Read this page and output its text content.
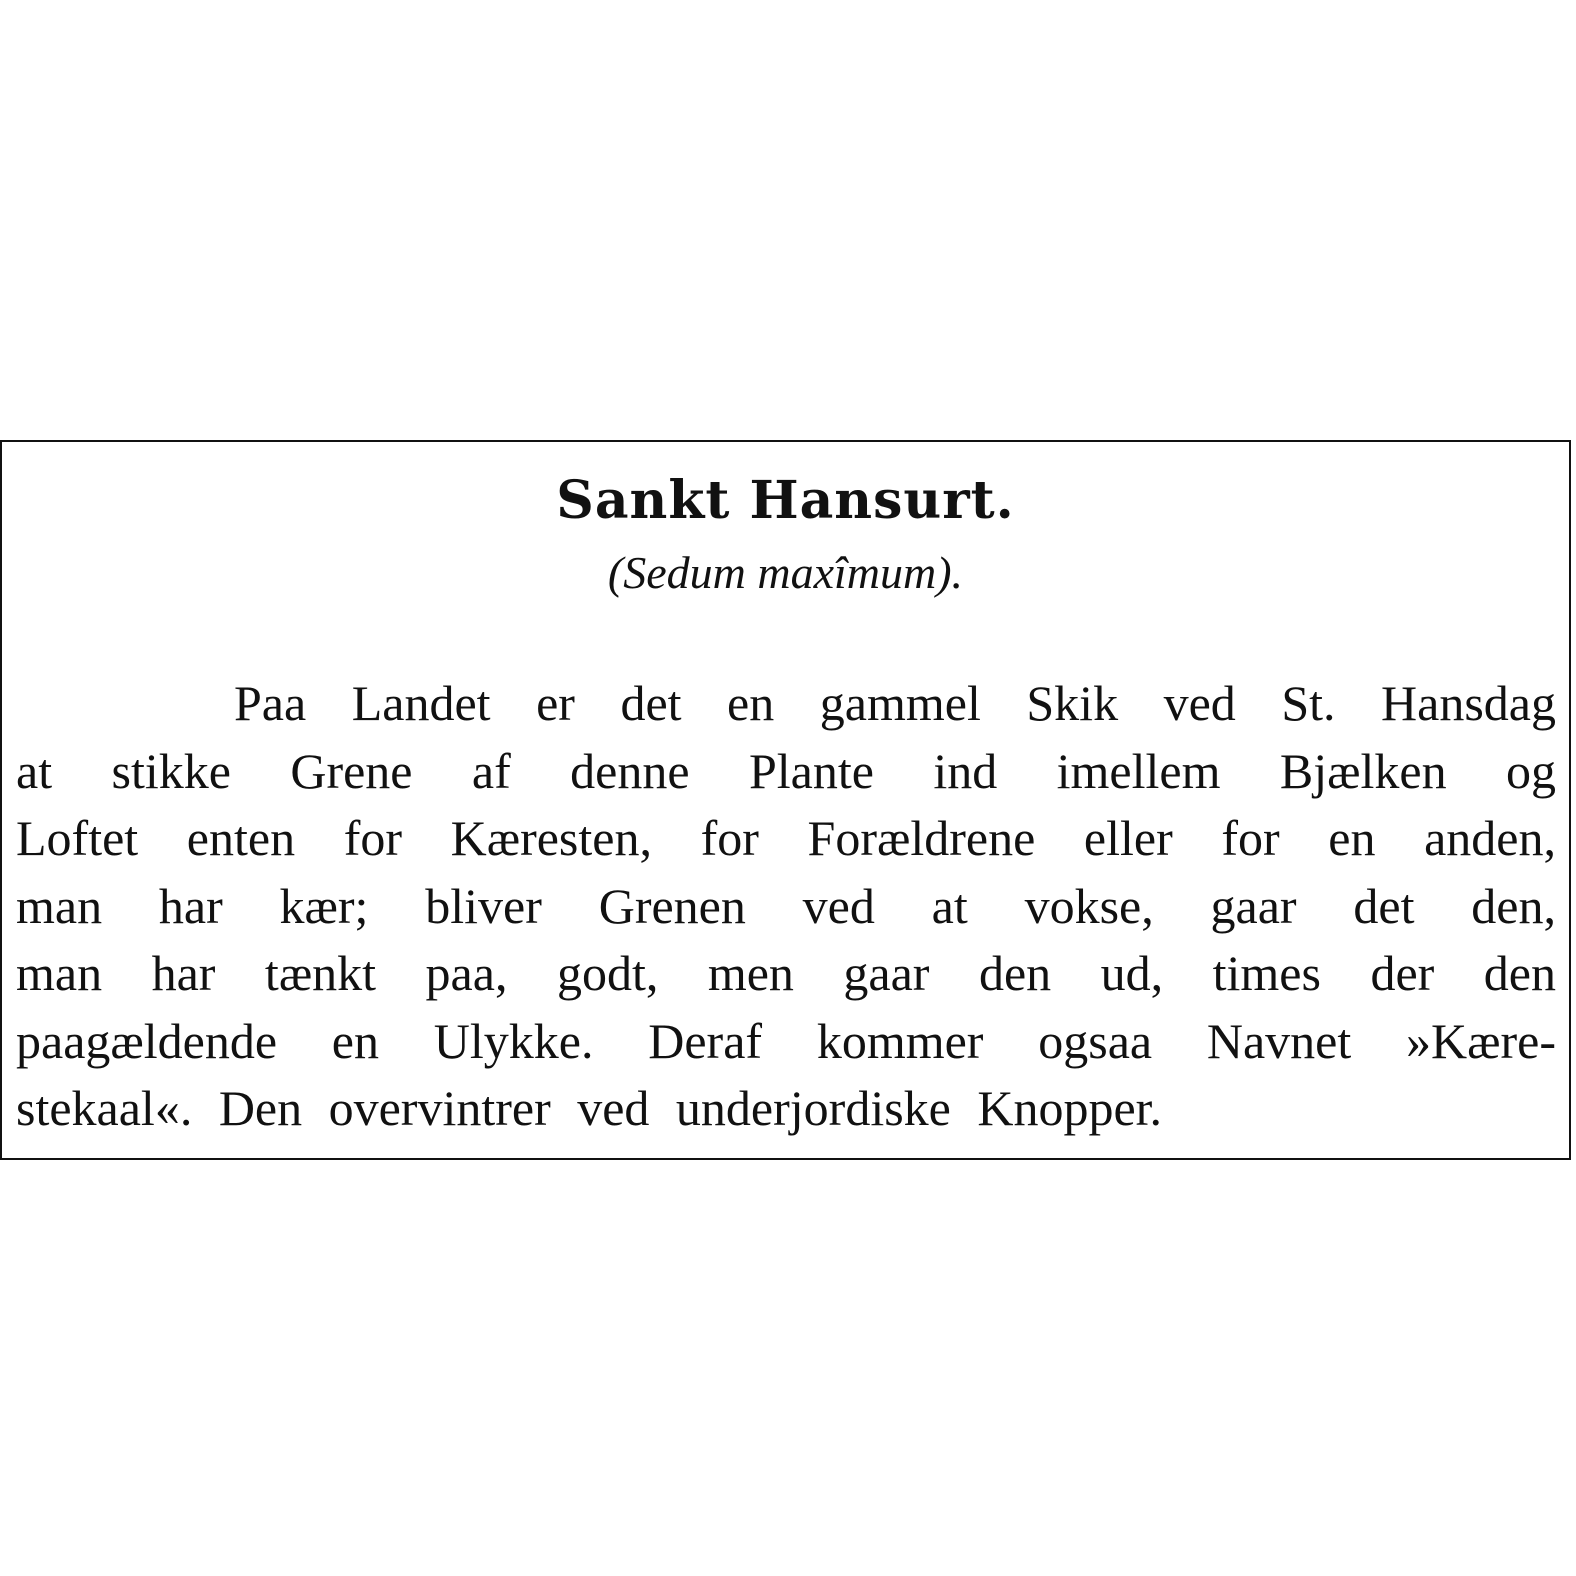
Sankt Hansurt.
(Sedum maxîmum).
Paa Landet er det en gammel Skik ved St. Hansdag
at stikke Grene af denne Plante ind imellem Bjælken og
Loftet enten for Kæresten, for Forældrene eller for en anden,
man har kær; bliver Grenen ved at vokse, gaar det den,
man har tænkt paa, godt, men gaar den ud, times der den
paagældende en Ulykke. Deraf kommer ogsaa Navnet »Kære-
stekaal«. Den overvintrer ved underjordiske Knopper.
